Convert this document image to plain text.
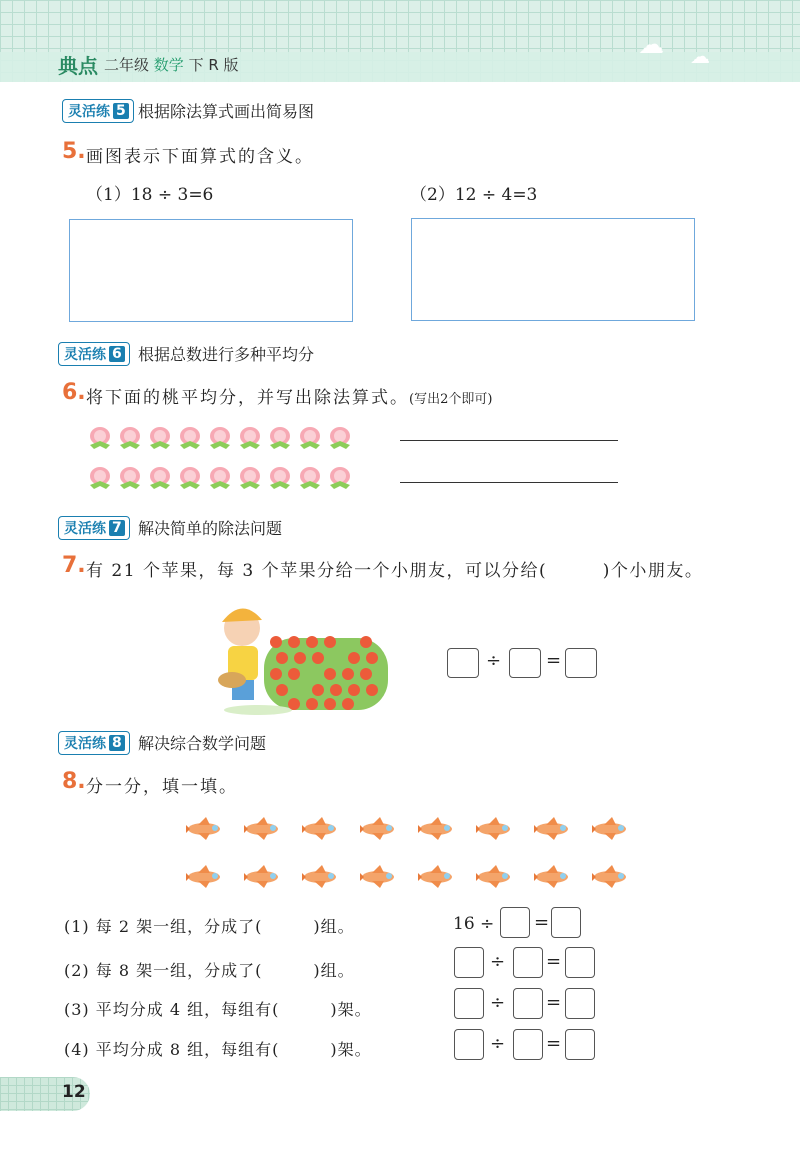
典点 二年级 数学 下 R 版
☁ ☁
灵活练 5 根据除法算式画出简易图
5. 画图表示下面算式的含义。
（1）18 ÷ 3=6	（2）12 ÷ 4=3
灵活练 6 根据总数进行多种平均分
6. 将下面的桃平均分，并写出除法算式。(写出2个即可)
灵活练 7 解决简单的除法问题
7. 有 21 个苹果，每 3 个苹果分给一个小朋友，可以分给(　　　)个小朋友。
÷ =
灵活练 8 解决综合数学问题
8. 分一分，填一填。
(1) 每 2 架一组，分成了(　　　)组。
(2) 每 8 架一组，分成了(　　　)组。
(3) 平均分成 4 组，每组有(　　　)架。
(4) 平均分成 8 组，每组有(　　　)架。
16 ÷ =
÷ =
÷ =
÷ =
12
